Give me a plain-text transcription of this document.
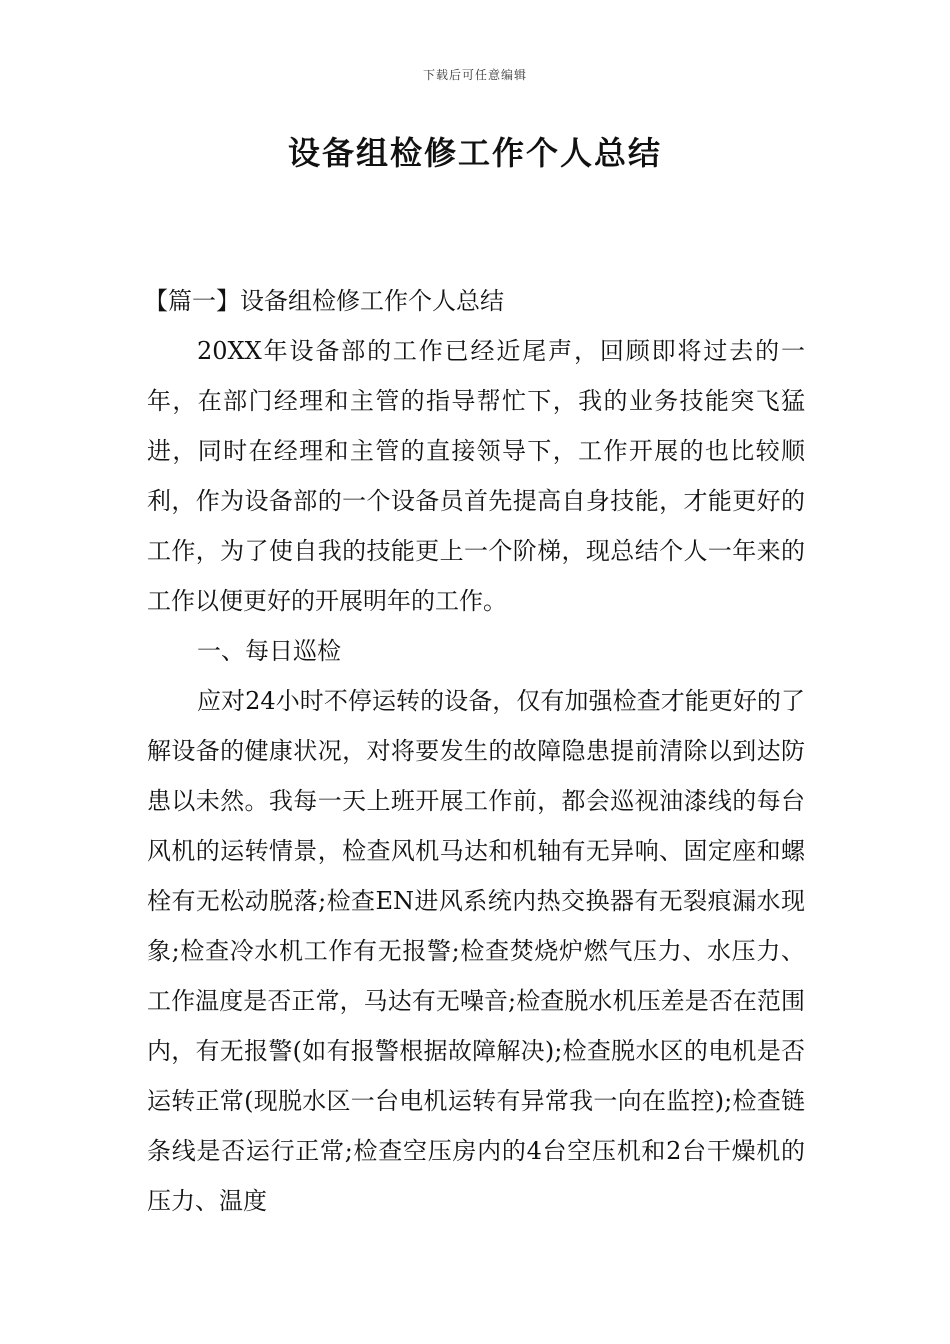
下载后可任意编辑
设备组检修工作个人总结

【篇一】设备组检修工作个人总结

20XX年设备部的工作已经近尾声，回顾即将过去的一年，在部门经理和主管的指导帮忙下，我的业务技能突飞猛进，同时在经理和主管的直接领导下，工作开展的也比较顺利，作为设备部的一个设备员首先提高自身技能，才能更好的工作，为了使自我的技能更上一个阶梯，现总结个人一年来的工作以便更好的开展明年的工作。

一、每日巡检

应对24小时不停运转的设备，仅有加强检查才能更好的了解设备的健康状况，对将要发生的故障隐患提前清除以到达防患以未然。我每一天上班开展工作前，都会巡视油漆线的每台风机的运转情景，检查风机马达和机轴有无异响、固定座和螺栓有无松动脱落;检查EN进风系统内热交换器有无裂痕漏水现象;检查冷水机工作有无报警;检查焚烧炉燃气压力、水压力、工作温度是否正常，马达有无噪音;检查脱水机压差是否在范围内，有无报警(如有报警根据故障解决);检查脱水区的电机是否运转正常(现脱水区一台电机运转有异常我一向在监控);检查链条线是否运行正常;检查空压房内的4台空压机和2台干燥机的压力、温度
